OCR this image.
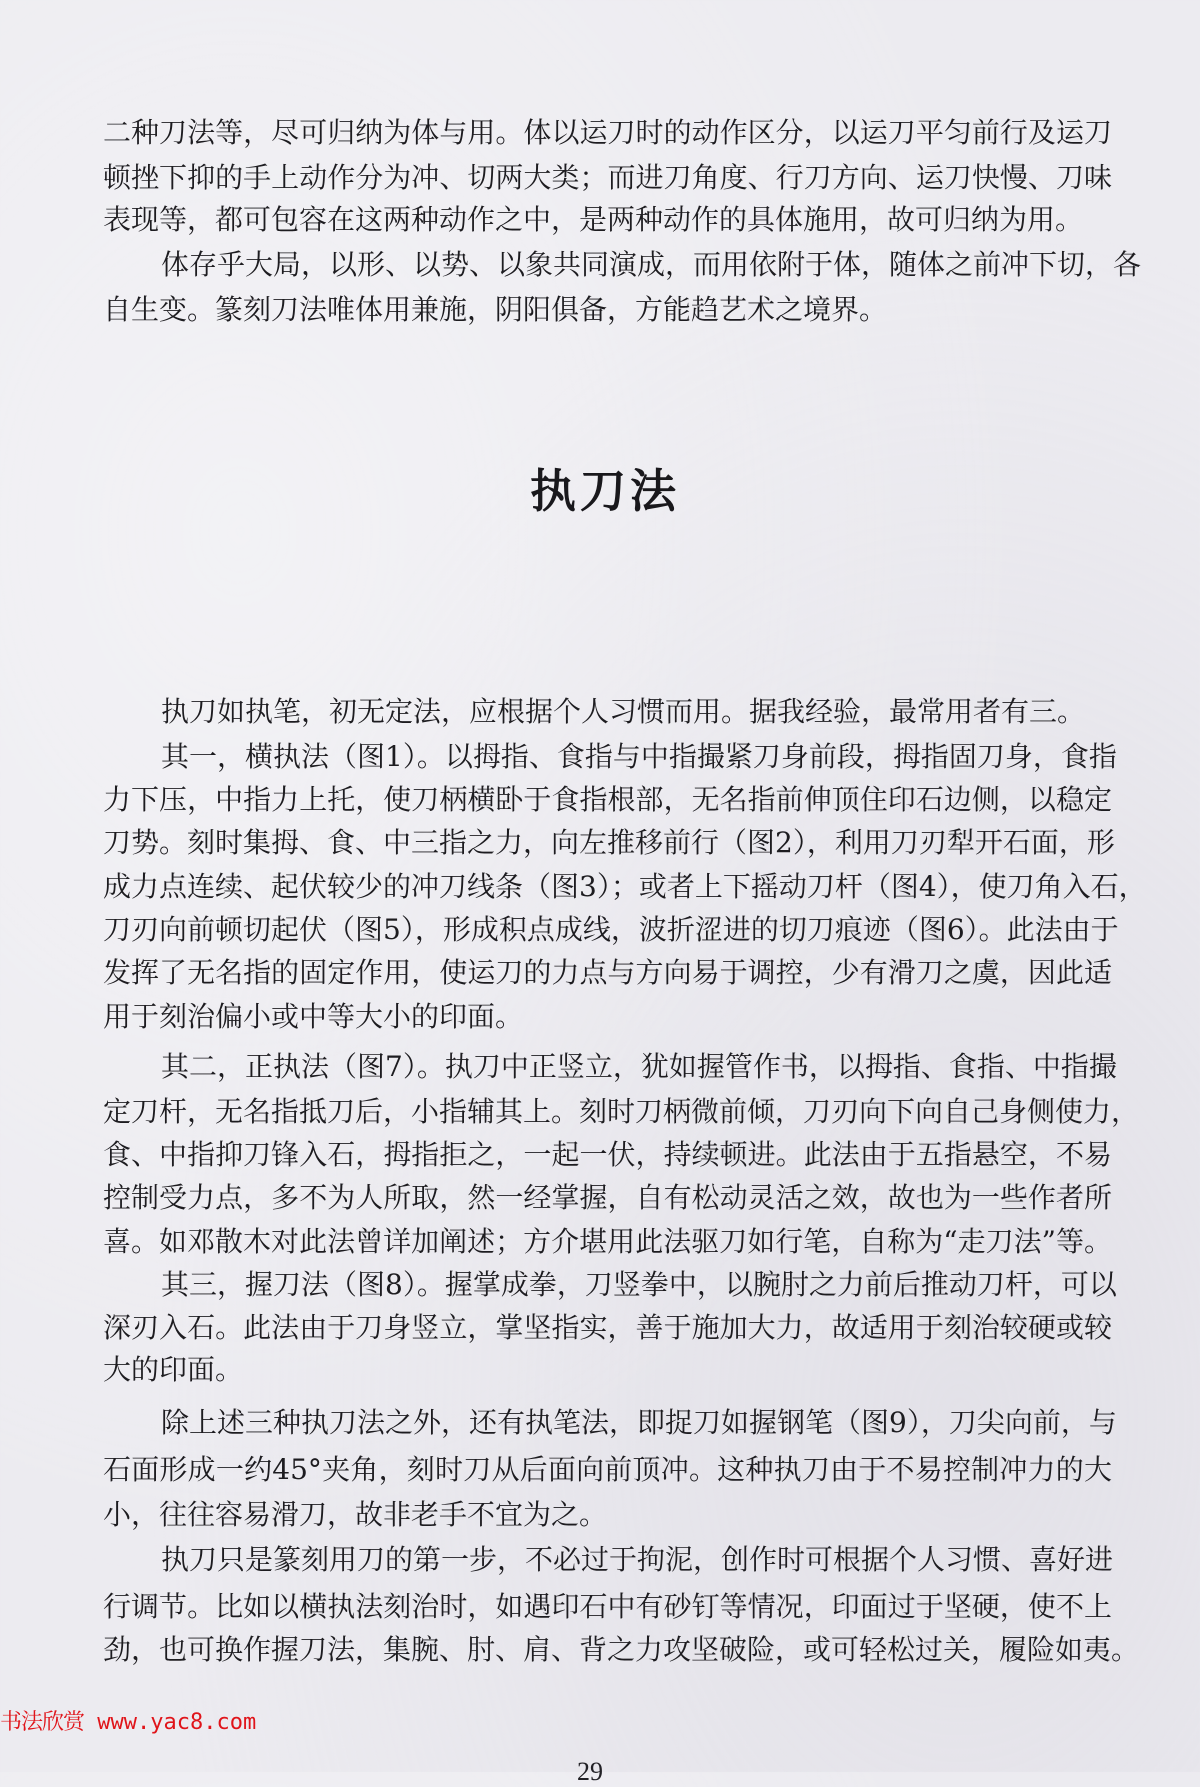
二种刀法等，尽可归纳为体与用。体以运刀时的动作区分，以运刀平匀前行及运刀
顿挫下抑的手上动作分为冲、切两大类；而进刀角度、行刀方向、运刀快慢、刀味
表现等，都可包容在这两种动作之中，是两种动作的具体施用，故可归纳为用。
体存乎大局，以形、以势、以象共同演成，而用依附于体，随体之前冲下切，各
自生变。篆刻刀法唯体用兼施，阴阳俱备，方能趋艺术之境界。
执刀法
执刀如执笔，初无定法，应根据个人习惯而用。据我经验，最常用者有三。
其一，横执法（图1）。以拇指、食指与中指撮紧刀身前段，拇指固刀身，食指
力下压，中指力上托，使刀柄横卧于食指根部，无名指前伸顶住印石边侧，以稳定
刀势。刻时集拇、食、中三指之力，向左推移前行（图2），利用刀刃犁开石面，形
成力点连续、起伏较少的冲刀线条（图3）；或者上下摇动刀杆（图4），使刀角入石，
刀刃向前顿切起伏（图5），形成积点成线，波折涩进的切刀痕迹（图6）。此法由于
发挥了无名指的固定作用，使运刀的力点与方向易于调控，少有滑刀之虞，因此适
用于刻治偏小或中等大小的印面。
其二，正执法（图7）。执刀中正竖立，犹如握管作书，以拇指、食指、中指撮
定刀杆，无名指抵刀后，小指辅其上。刻时刀柄微前倾，刀刃向下向自己身侧使力，
食、中指抑刀锋入石，拇指拒之，一起一伏，持续顿进。此法由于五指悬空，不易
控制受力点，多不为人所取，然一经掌握，自有松动灵活之效，故也为一些作者所
喜。如邓散木对此法曾详加阐述；方介堪用此法驱刀如行笔，自称为“走刀法”等。
其三，握刀法（图8）。握掌成拳，刀竖拳中，以腕肘之力前后推动刀杆，可以
深刃入石。此法由于刀身竖立，掌坚指实，善于施加大力，故适用于刻治较硬或较
大的印面。
除上述三种执刀法之外，还有执笔法，即捉刀如握钢笔（图9），刀尖向前，与
石面形成一约45°夹角，刻时刀从后面向前顶冲。这种执刀由于不易控制冲力的大
小，往往容易滑刀，故非老手不宜为之。
执刀只是篆刻用刀的第一步，不必过于拘泥，创作时可根据个人习惯、喜好进
行调节。比如以横执法刻治时，如遇印石中有砂钉等情况，印面过于坚硬，使不上
劲，也可换作握刀法，集腕、肘、肩、背之力攻坚破险，或可轻松过关，履险如夷。
书法欣赏 www.yac8.com
29
